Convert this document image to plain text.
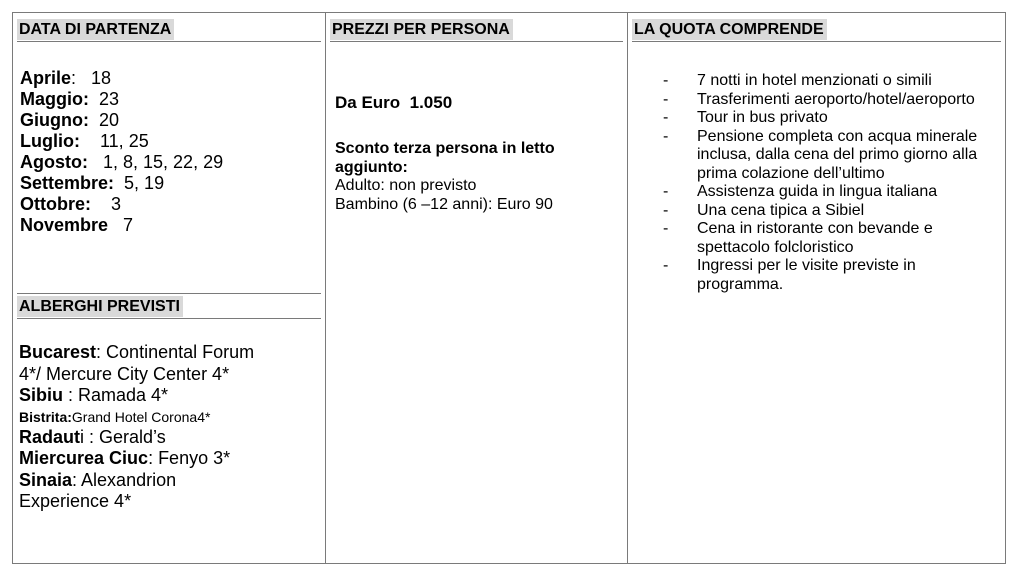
DATA DI PARTENZA
Aprile:   18
Maggio: 23
Giugno: 20
Luglio: 11, 25
Agosto: 1, 8, 15, 22, 29
Settembre: 5, 19
Ottobre: 3
Novembre 7
ALBERGHI PREVISTI
Bucarest: Continental Forum
4*/ Mercure City Center 4*
Sibiu : Ramada 4*
Bistrita:Grand Hotel Corona4*
Radauti : Gerald’s
Miercurea Ciuc: Fenyo 3*
Sinaia: Alexandrion
Experience 4*
PREZZI PER PERSONA
Da Euro  1.050
Sconto terza persona in letto
aggiunto:
Adulto: non previsto
Bambino (6 –12 anni): Euro 90
LA QUOTA COMPRENDE
- 7 notti in hotel menzionati o simili
- Trasferimenti aeroporto/hotel/aeroporto
- Tour in bus privato
- Pensione completa con acqua minerale inclusa, dalla cena del primo giorno alla prima colazione dell’ultimo
- Assistenza guida in lingua italiana
- Una cena tipica a Sibiel
- Cena in ristorante con bevande e spettacolo folcloristico
- Ingressi per le visite previste in programma.
